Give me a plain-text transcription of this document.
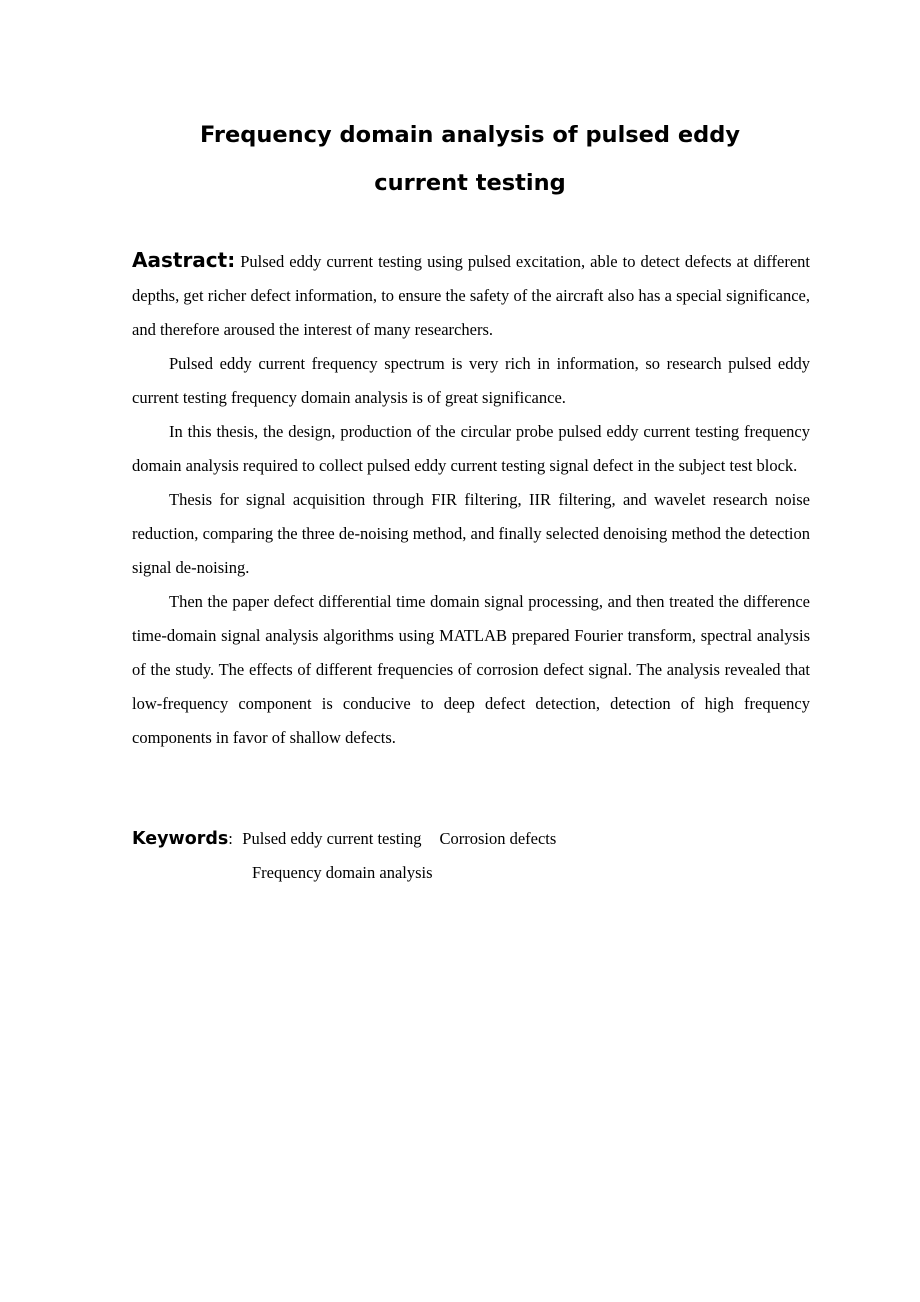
Frequency domain analysis of pulsed eddy
current testing

Aastract: Pulsed eddy current testing using pulsed excitation, able to detect defects at different depths, get richer defect information, to ensure the safety of the aircraft also has a special significance, and therefore aroused the interest of many researchers.

Pulsed eddy current frequency spectrum is very rich in information, so research pulsed eddy current testing frequency domain analysis is of great significance.

In this thesis, the design, production of the circular probe pulsed eddy current testing frequency domain analysis required to collect pulsed eddy current testing signal defect in the subject test block.

Thesis for signal acquisition through FIR filtering, IIR filtering, and wavelet research noise reduction, comparing the three de-noising method, and finally selected denoising method the detection signal de-noising.

Then the paper defect differential time domain signal processing, and then treated the difference time-domain signal analysis algorithms using MATLAB prepared Fourier transform, spectral analysis of the study. The effects of different frequencies of corrosion defect signal. The analysis revealed that low-frequency component is conducive to deep defect detection, detection of high frequency components in favor of shallow defects.

Keywords: Pulsed eddy current testing Corrosion defects
Frequency domain analysis
